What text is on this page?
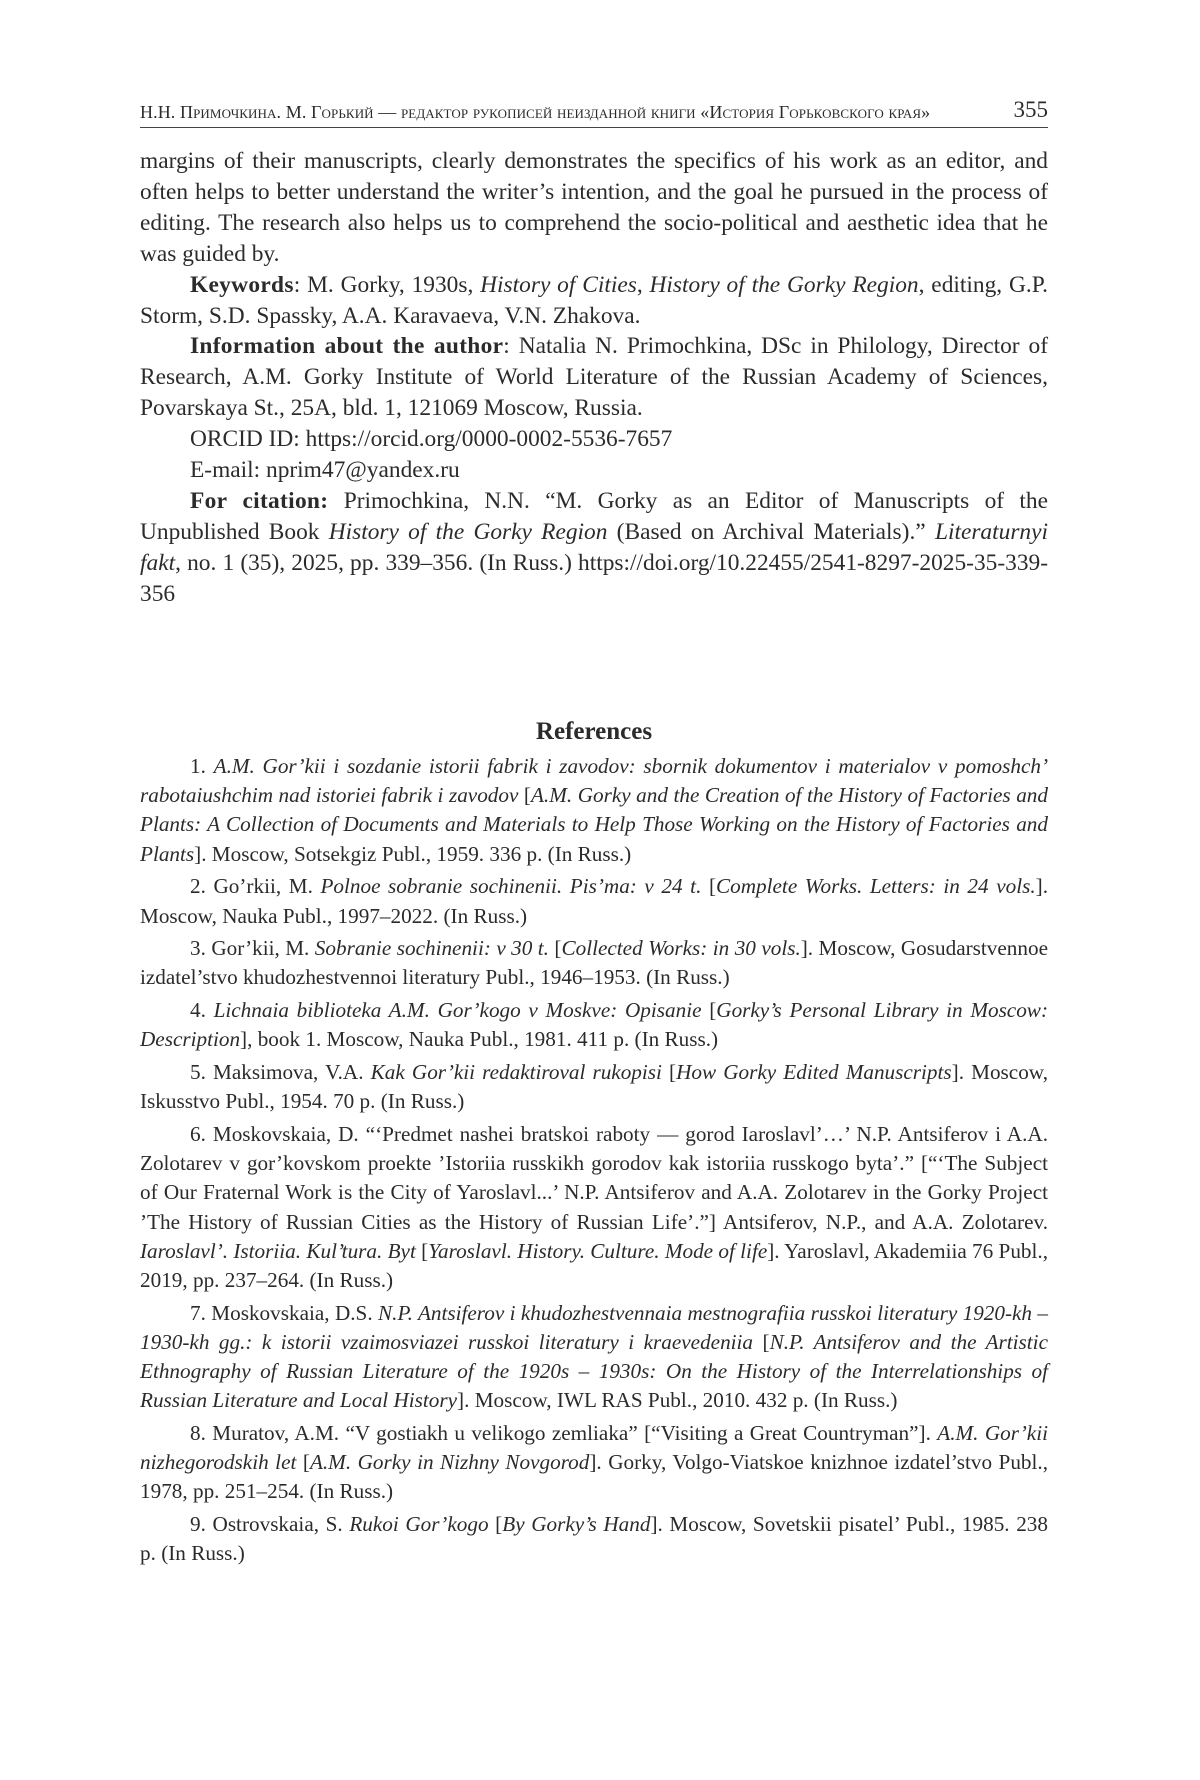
Н.Н. Примочкина. М. Горький — редактор рукописей неизданной книги «История Горьковского края»	355

margins of their manuscripts, clearly demonstrates the specifics of his work as an editor, and often helps to better understand the writer’s intention, and the goal he pursued in the process of editing. The research also helps us to comprehend the socio-political and aesthetic idea that he was guided by.

Keywords: M. Gorky, 1930s, History of Cities, History of the Gorky Region, editing, G.P. Storm, S.D. Spassky, A.A. Karavaeva, V.N. Zhakova.

Information about the author: Natalia N. Primochkina, DSc in Philology, Director of Research, A.M. Gorky Institute of World Literature of the Russian Academy of Sciences, Povarskaya St., 25A, bld. 1, 121069 Moscow, Russia.

ORCID ID: https://orcid.org/0000-0002-5536-7657

E-mail: nprim47@yandex.ru

For citation: Primochkina, N.N. “M. Gorky as an Editor of Manuscripts of the Unpublished Book History of the Gorky Region (Based on Archival Materials).” Literaturnyi fakt, no. 1 (35), 2025, pp. 339–356. (In Russ.) https://doi.org/10.22455/2541-8297-2025-35-339-356

References

1. A.M. Gor’kii i sozdanie istorii fabrik i zavodov: sbornik dokumentov i materialov v pomoshch’ rabotaiushchim nad istoriei fabrik i zavodov [A.M. Gorky and the Creation of the History of Factories and Plants: A Collection of Documents and Materials to Help Those Working on the History of Factories and Plants]. Moscow, Sotsekgiz Publ., 1959. 336 p. (In Russ.)

2. Go’rkii, M. Polnoe sobranie sochinenii. Pis’ma: v 24 t. [Complete Works. Letters: in 24 vols.]. Moscow, Nauka Publ., 1997–2022. (In Russ.)

3. Gor’kii, M. Sobranie sochinenii: v 30 t. [Collected Works: in 30 vols.]. Moscow, Gosudarstvennoe izdatel’stvo khudozhestvennoi literatury Publ., 1946–1953. (In Russ.)

4. Lichnaia biblioteka A.M. Gor’kogo v Moskve: Opisanie [Gorky’s Personal Library in Moscow: Description], book 1. Moscow, Nauka Publ., 1981. 411 p. (In Russ.)

5. Maksimova, V.A. Kak Gor’kii redaktiroval rukopisi [How Gorky Edited Manuscripts]. Moscow, Iskusstvo Publ., 1954. 70 p. (In Russ.)

6. Moskovskaia, D. “‘Predmet nashei bratskoi raboty — gorod Iaroslavl’…’ N.P. Antsiferov i A.A. Zolotarev v gor’kovskom proekte ’Istoriia russkikh gorodov kak istoriia russkogo byta’.” [“‘The Subject of Our Fraternal Work is the City of Yaroslavl...’ N.P. Antsiferov and A.A. Zolotarev in the Gorky Project ’The History of Russian Cities as the History of Russian Life’.”] Antsiferov, N.P., and A.A. Zolotarev. Iaroslavl’. Istoriia. Kul’tura. Byt [Yaroslavl. History. Culture. Mode of life]. Yaroslavl, Akademiia 76 Publ., 2019, pp. 237–264. (In Russ.)

7. Moskovskaia, D.S. N.P. Antsiferov i khudozhestvennaia mestnografiia russkoi literatury 1920-kh – 1930-kh gg.: k istorii vzaimosviazei russkoi literatury i kraevedeniia [N.P. Antsiferov and the Artistic Ethnography of Russian Literature of the 1920s – 1930s: On the History of the Interrelationships of Russian Literature and Local History]. Moscow, IWL RAS Publ., 2010. 432 p. (In Russ.)

8. Muratov, A.M. “V gostiakh u velikogo zemliaka” [“Visiting a Great Countryman”]. A.M. Gor’kii nizhegorodskih let [A.M. Gorky in Nizhny Novgorod]. Gorky, Volgo-Viatskoe knizhnoe izdatel’stvo Publ., 1978, pp. 251–254. (In Russ.)

9. Ostrovskaia, S. Rukoi Gor’kogo [By Gorky’s Hand]. Moscow, Sovetskii pisatel’ Publ., 1985. 238 p. (In Russ.)
